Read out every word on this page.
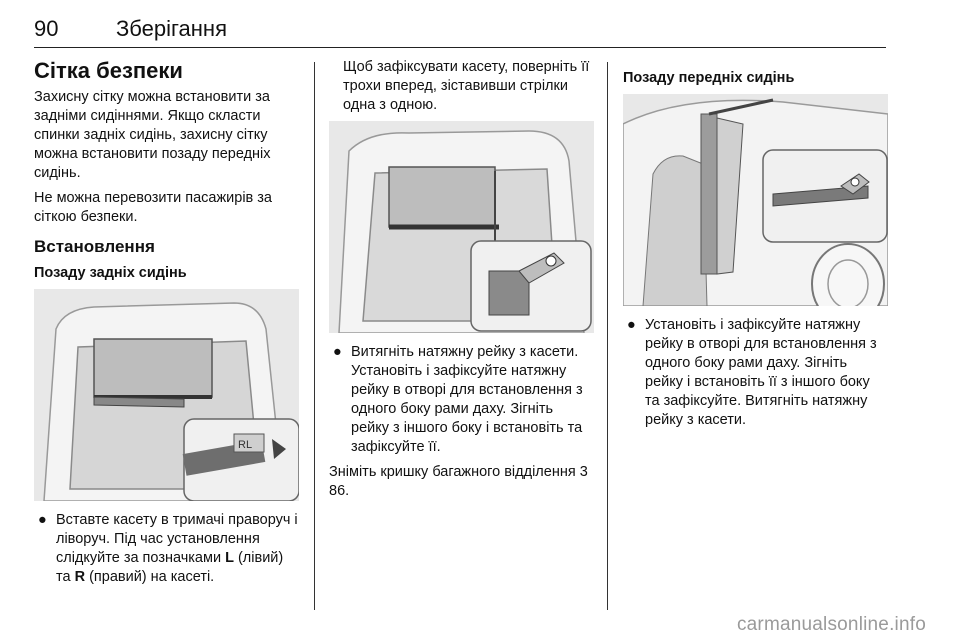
90	Зберігання
Сітка безпеки

Захисну сітку можна встановити за задніми сидіннями. Якщо скласти спинки задніх сидінь, захисну сітку можна встановити позаду передніх сидінь.

Не можна перевозити пасажирів за сіткою безпеки.

Встановлення
Позаду задніх сидінь
RL
● Вставте касету в тримачі праворуч і ліворуч. Під час установлення слідкуйте за позначками L (лівий) та R (правий) на касеті.

Щоб зафіксувати касету, поверніть її трохи вперед, зіставивши стрілки одна з одною.

● Витягніть натяжну рейку з касети. Установіть і зафіксуйте натяжну рейку в отворі для встановлення з одного боку рами даху. Зігніть рейку з іншого боку і встановіть та зафіксуйте її.

Зніміть кришку багажного відділення 3 86.

Позаду передніх сидінь
● Установіть і зафіксуйте натяжну рейку в отворі для встановлення з одного боку рами даху. Зігніть рейку і встановіть її з іншого боку та зафіксуйте. Витягніть натяжну рейку з касети.
carmanualsonline.info
